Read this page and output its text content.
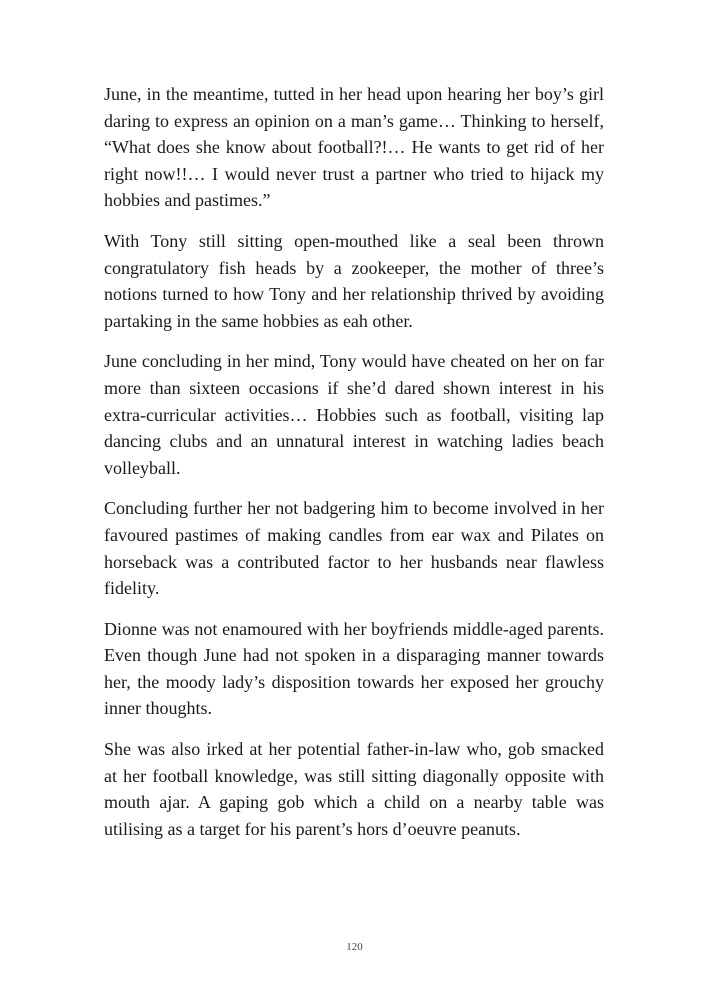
June, in the meantime, tutted in her head upon hearing her boy’s girl daring to express an opinion on a man’s game… Thinking to herself, “What does she know about football?!… He wants to get rid of her right now!!… I would never trust a partner who tried to hijack my hobbies and pastimes.”

With Tony still sitting open-mouthed like a seal been thrown congratulatory fish heads by a zookeeper, the mother of three’s notions turned to how Tony and her relationship thrived by avoiding partaking in the same hobbies as eah other.

June concluding in her mind, Tony would have cheated on her on far more than sixteen occasions if she’d dared shown interest in his extra-curricular activities… Hobbies such as football, visiting lap dancing clubs and an unnatural interest in watching ladies beach volleyball.

Concluding further her not badgering him to become involved in her favoured pastimes of making candles from ear wax and Pilates on horseback was a contributed factor to her husbands near flawless fidelity.

Dionne was not enamoured with her boyfriends middle-aged parents. Even though June had not spoken in a disparaging manner towards her, the moody lady’s disposition towards her exposed her grouchy inner thoughts.

She was also irked at her potential father-in-law who, gob smacked at her football knowledge, was still sitting diagonally opposite with mouth ajar. A gaping gob which a child on a nearby table was utilising as a target for his parent’s hors d’oeuvre peanuts.

120
